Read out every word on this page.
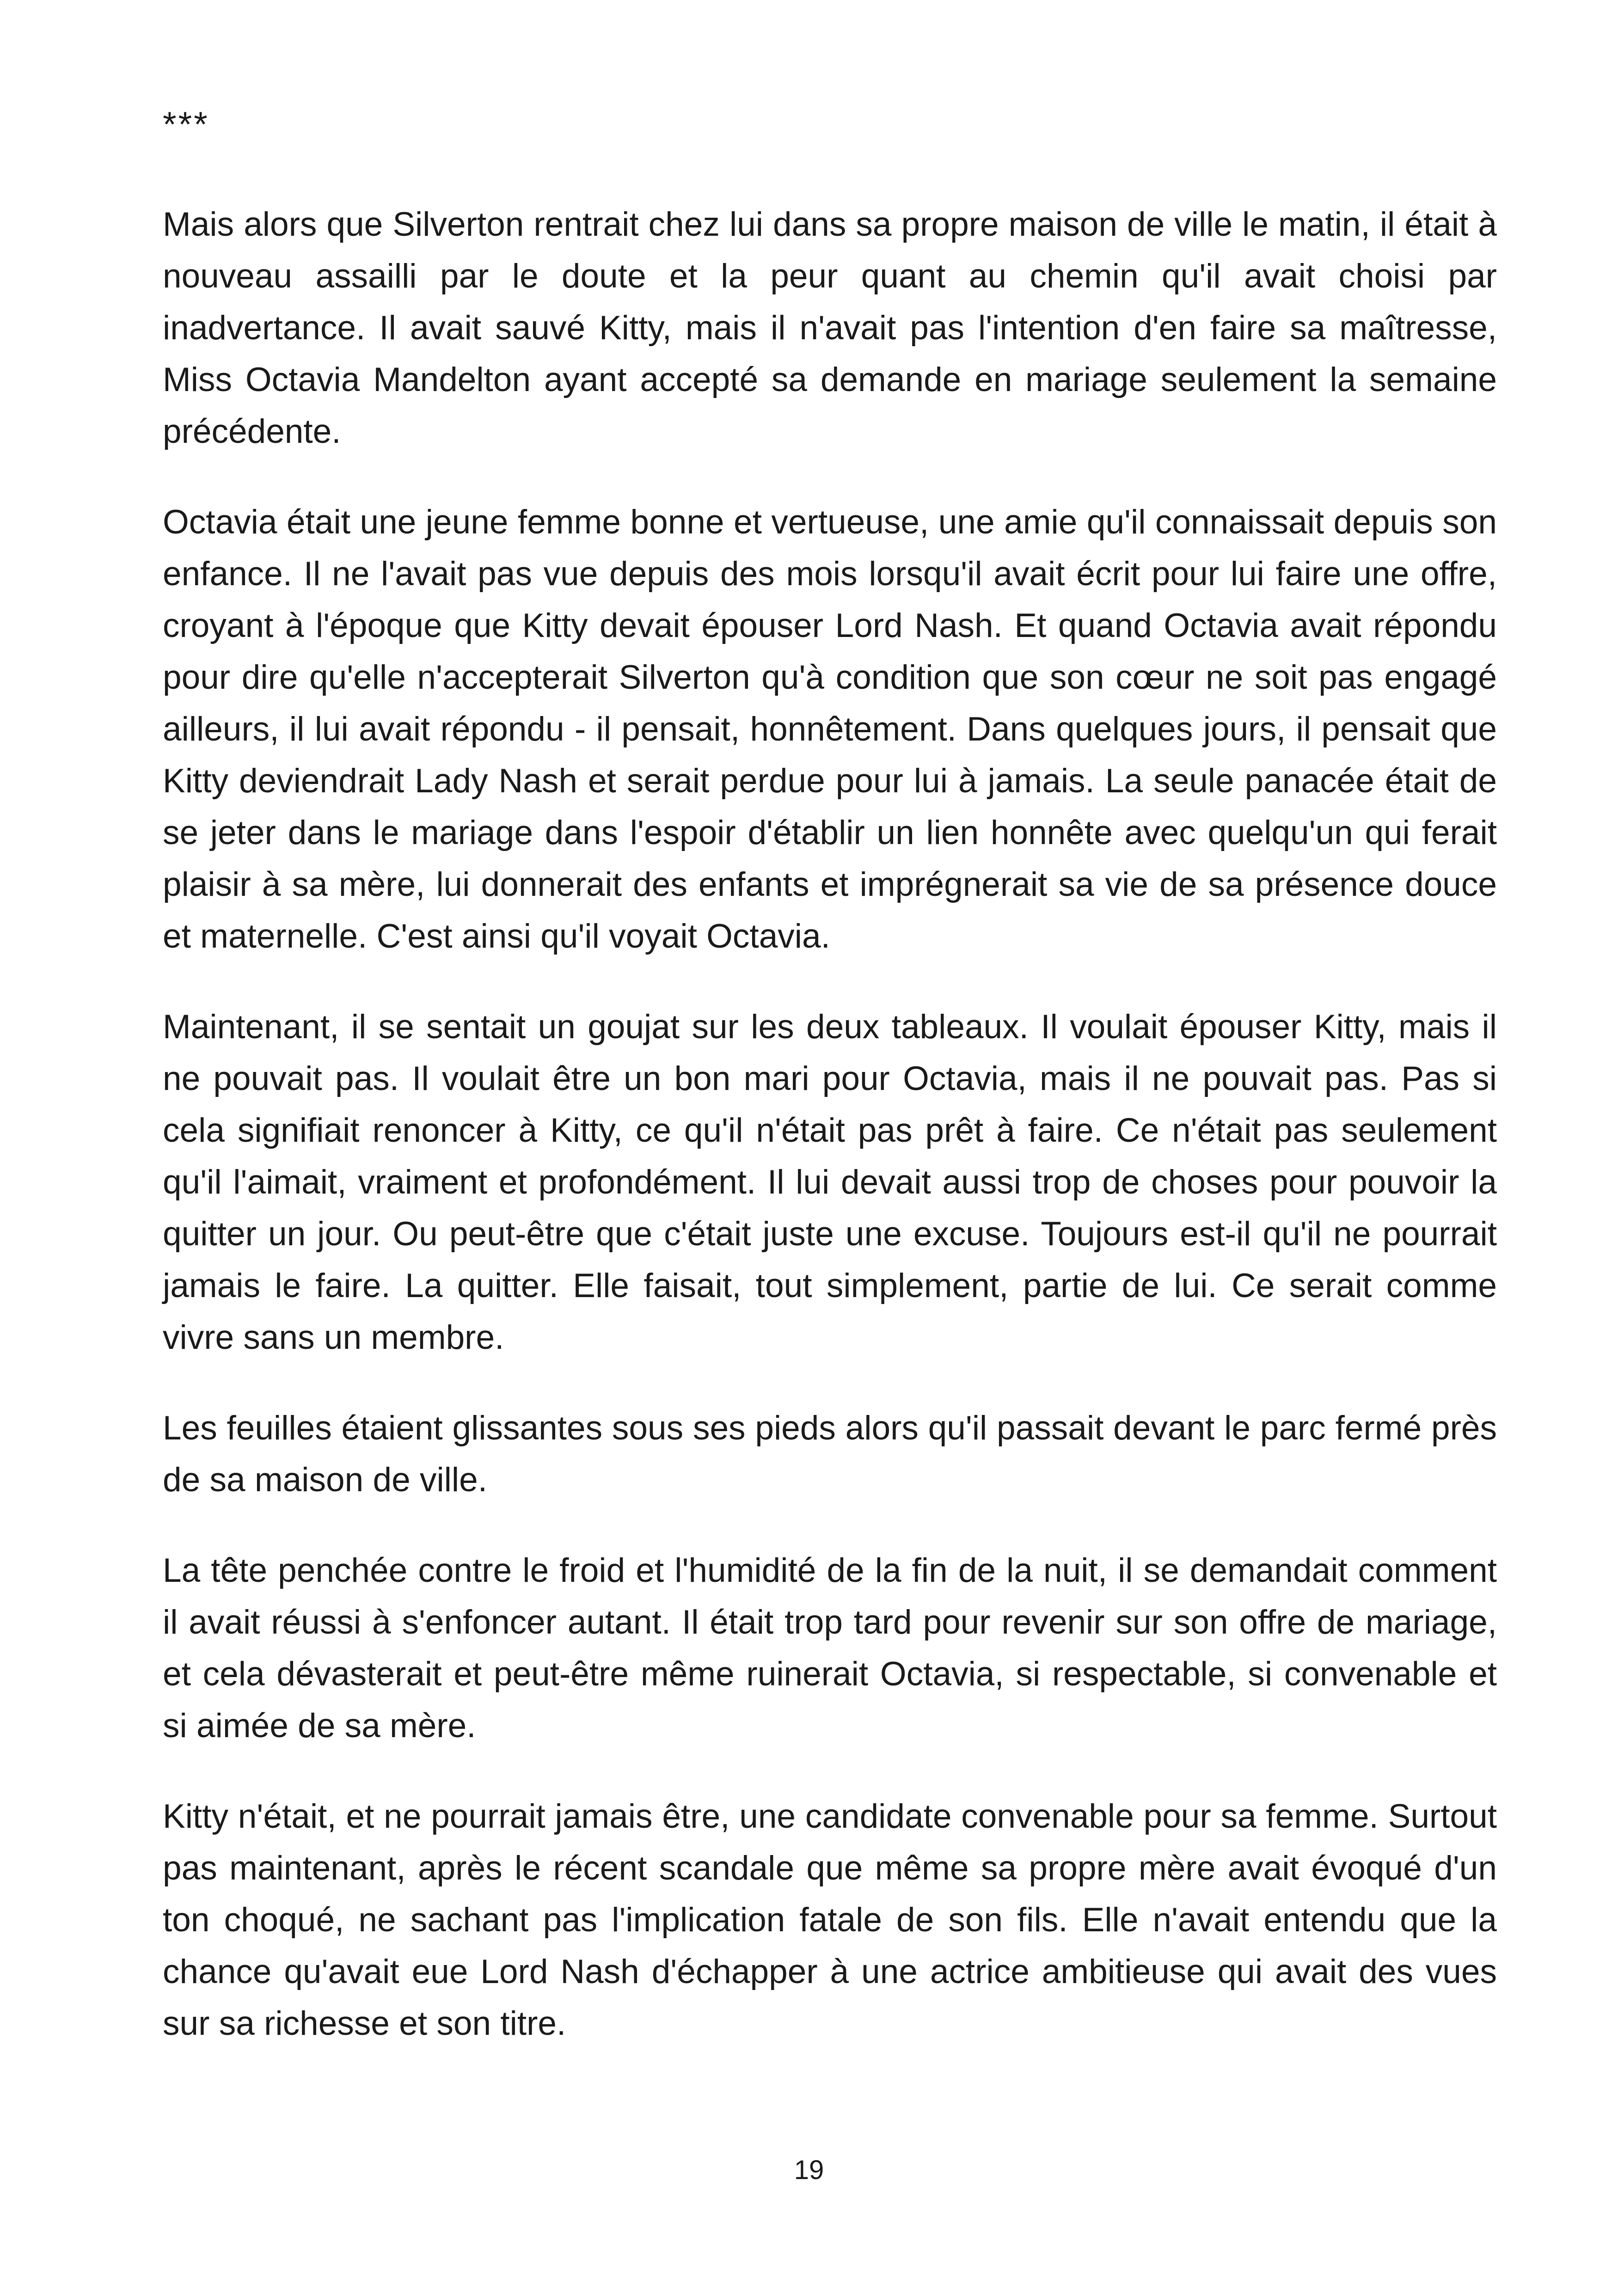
***

Mais alors que Silverton rentrait chez lui dans sa propre maison de ville le matin, il était à nouveau assailli par le doute et la peur quant au chemin qu'il avait choisi par inadvertance. Il avait sauvé Kitty, mais il n'avait pas l'intention d'en faire sa maîtresse, Miss Octavia Mandelton ayant accepté sa demande en mariage seulement la semaine précédente.

Octavia était une jeune femme bonne et vertueuse, une amie qu'il connaissait depuis son enfance. Il ne l'avait pas vue depuis des mois lorsqu'il avait écrit pour lui faire une offre, croyant à l'époque que Kitty devait épouser Lord Nash. Et quand Octavia avait répondu pour dire qu'elle n'accepterait Silverton qu'à condition que son cœur ne soit pas engagé ailleurs, il lui avait répondu - il pensait, honnêtement. Dans quelques jours, il pensait que Kitty deviendrait Lady Nash et serait perdue pour lui à jamais. La seule panacée était de se jeter dans le mariage dans l'espoir d'établir un lien honnête avec quelqu'un qui ferait plaisir à sa mère, lui donnerait des enfants et imprégnerait sa vie de sa présence douce et maternelle. C'est ainsi qu'il voyait Octavia.

Maintenant, il se sentait un goujat sur les deux tableaux. Il voulait épouser Kitty, mais il ne pouvait pas. Il voulait être un bon mari pour Octavia, mais il ne pouvait pas. Pas si cela signifiait renoncer à Kitty, ce qu'il n'était pas prêt à faire. Ce n'était pas seulement qu'il l'aimait, vraiment et profondément. Il lui devait aussi trop de choses pour pouvoir la quitter un jour. Ou peut-être que c'était juste une excuse. Toujours est-il qu'il ne pourrait jamais le faire. La quitter. Elle faisait, tout simplement, partie de lui. Ce serait comme vivre sans un membre.

Les feuilles étaient glissantes sous ses pieds alors qu'il passait devant le parc fermé près de sa maison de ville.

La tête penchée contre le froid et l'humidité de la fin de la nuit, il se demandait comment il avait réussi à s'enfoncer autant. Il était trop tard pour revenir sur son offre de mariage, et cela dévasterait et peut-être même ruinerait Octavia, si respectable, si convenable et si aimée de sa mère.

Kitty n'était, et ne pourrait jamais être, une candidate convenable pour sa femme. Surtout pas maintenant, après le récent scandale que même sa propre mère avait évoqué d'un ton choqué, ne sachant pas l'implication fatale de son fils. Elle n'avait entendu que la chance qu'avait eue Lord Nash d'échapper à une actrice ambitieuse qui avait des vues sur sa richesse et son titre.

19
